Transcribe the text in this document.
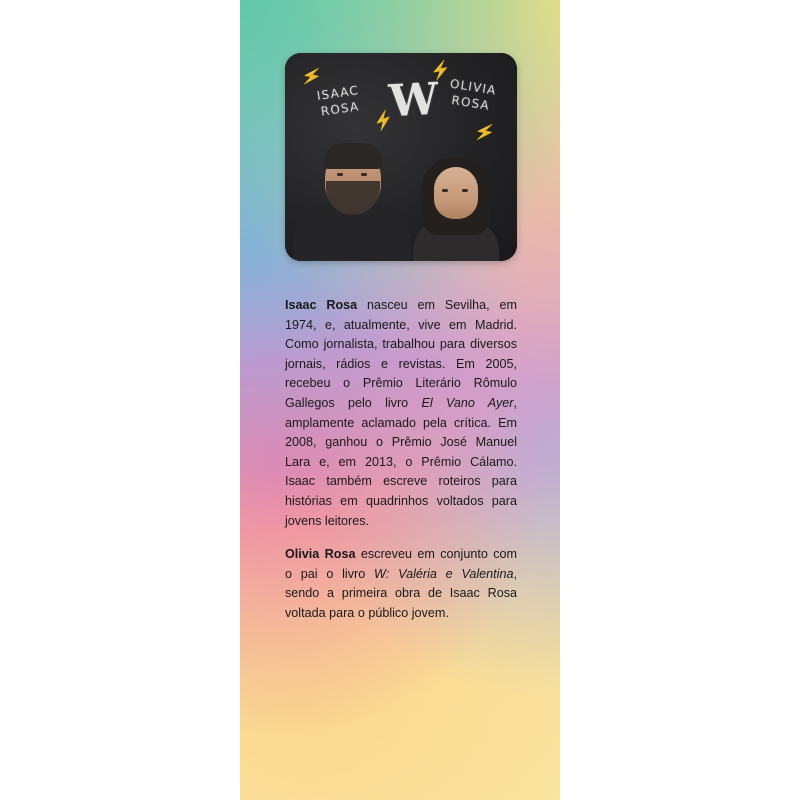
⚡	⚡
⚡	⚡
ISAAC ROSA W OLIVIA ROSA

Isaac Rosa nasceu em Sevilha, em 1974, e, atualmente, vive em Madrid. Como jornalista, trabalhou para diversos jornais, rádios e revistas. Em 2005, recebeu o Prêmio Literário Rômulo Gallegos pelo livro El Vano Ayer, amplamente aclamado pela crítica. Em 2008, ganhou o Prêmio José Manuel Lara e, em 2013, o Prêmio Cálamo. Isaac também escreve roteiros para histórias em quadrinhos voltados para jovens leitores.

Olivia Rosa escreveu em conjunto com o pai o livro W: Valéria e Valentina, sendo a primeira obra de Isaac Rosa voltada para o público jovem.
